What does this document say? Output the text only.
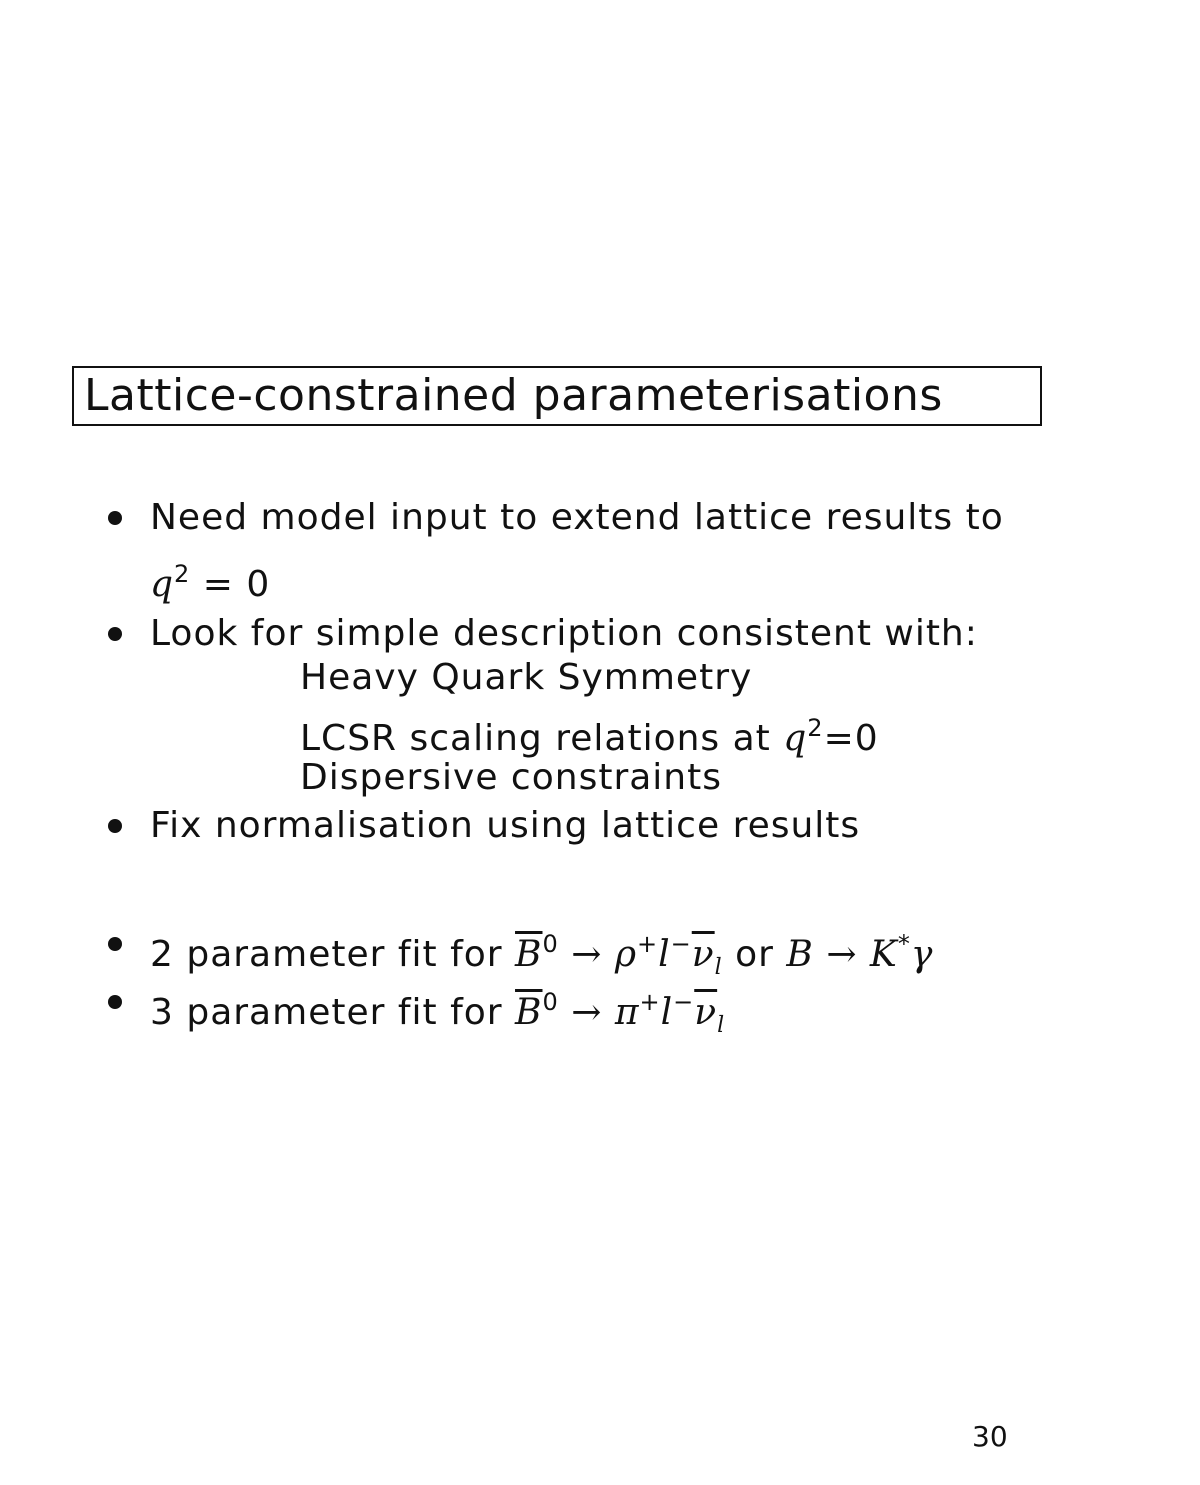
Lattice-constrained parameterisations
Need model input to extend lattice results to
$q^2 = 0$
Look for simple description consistent with:
Heavy Quark Symmetry
LCSR scaling relations at $q^2=0$
Dispersive constraints
Fix normalisation using lattice results
2 parameter fit for $\overline{B}^0 \to \rho^+l^-\overline{\nu}_l$ or B → K*γ
3 parameter fit for $\overline{B}^0 \to \pi^+l^-\overline{\nu}_l$
30
